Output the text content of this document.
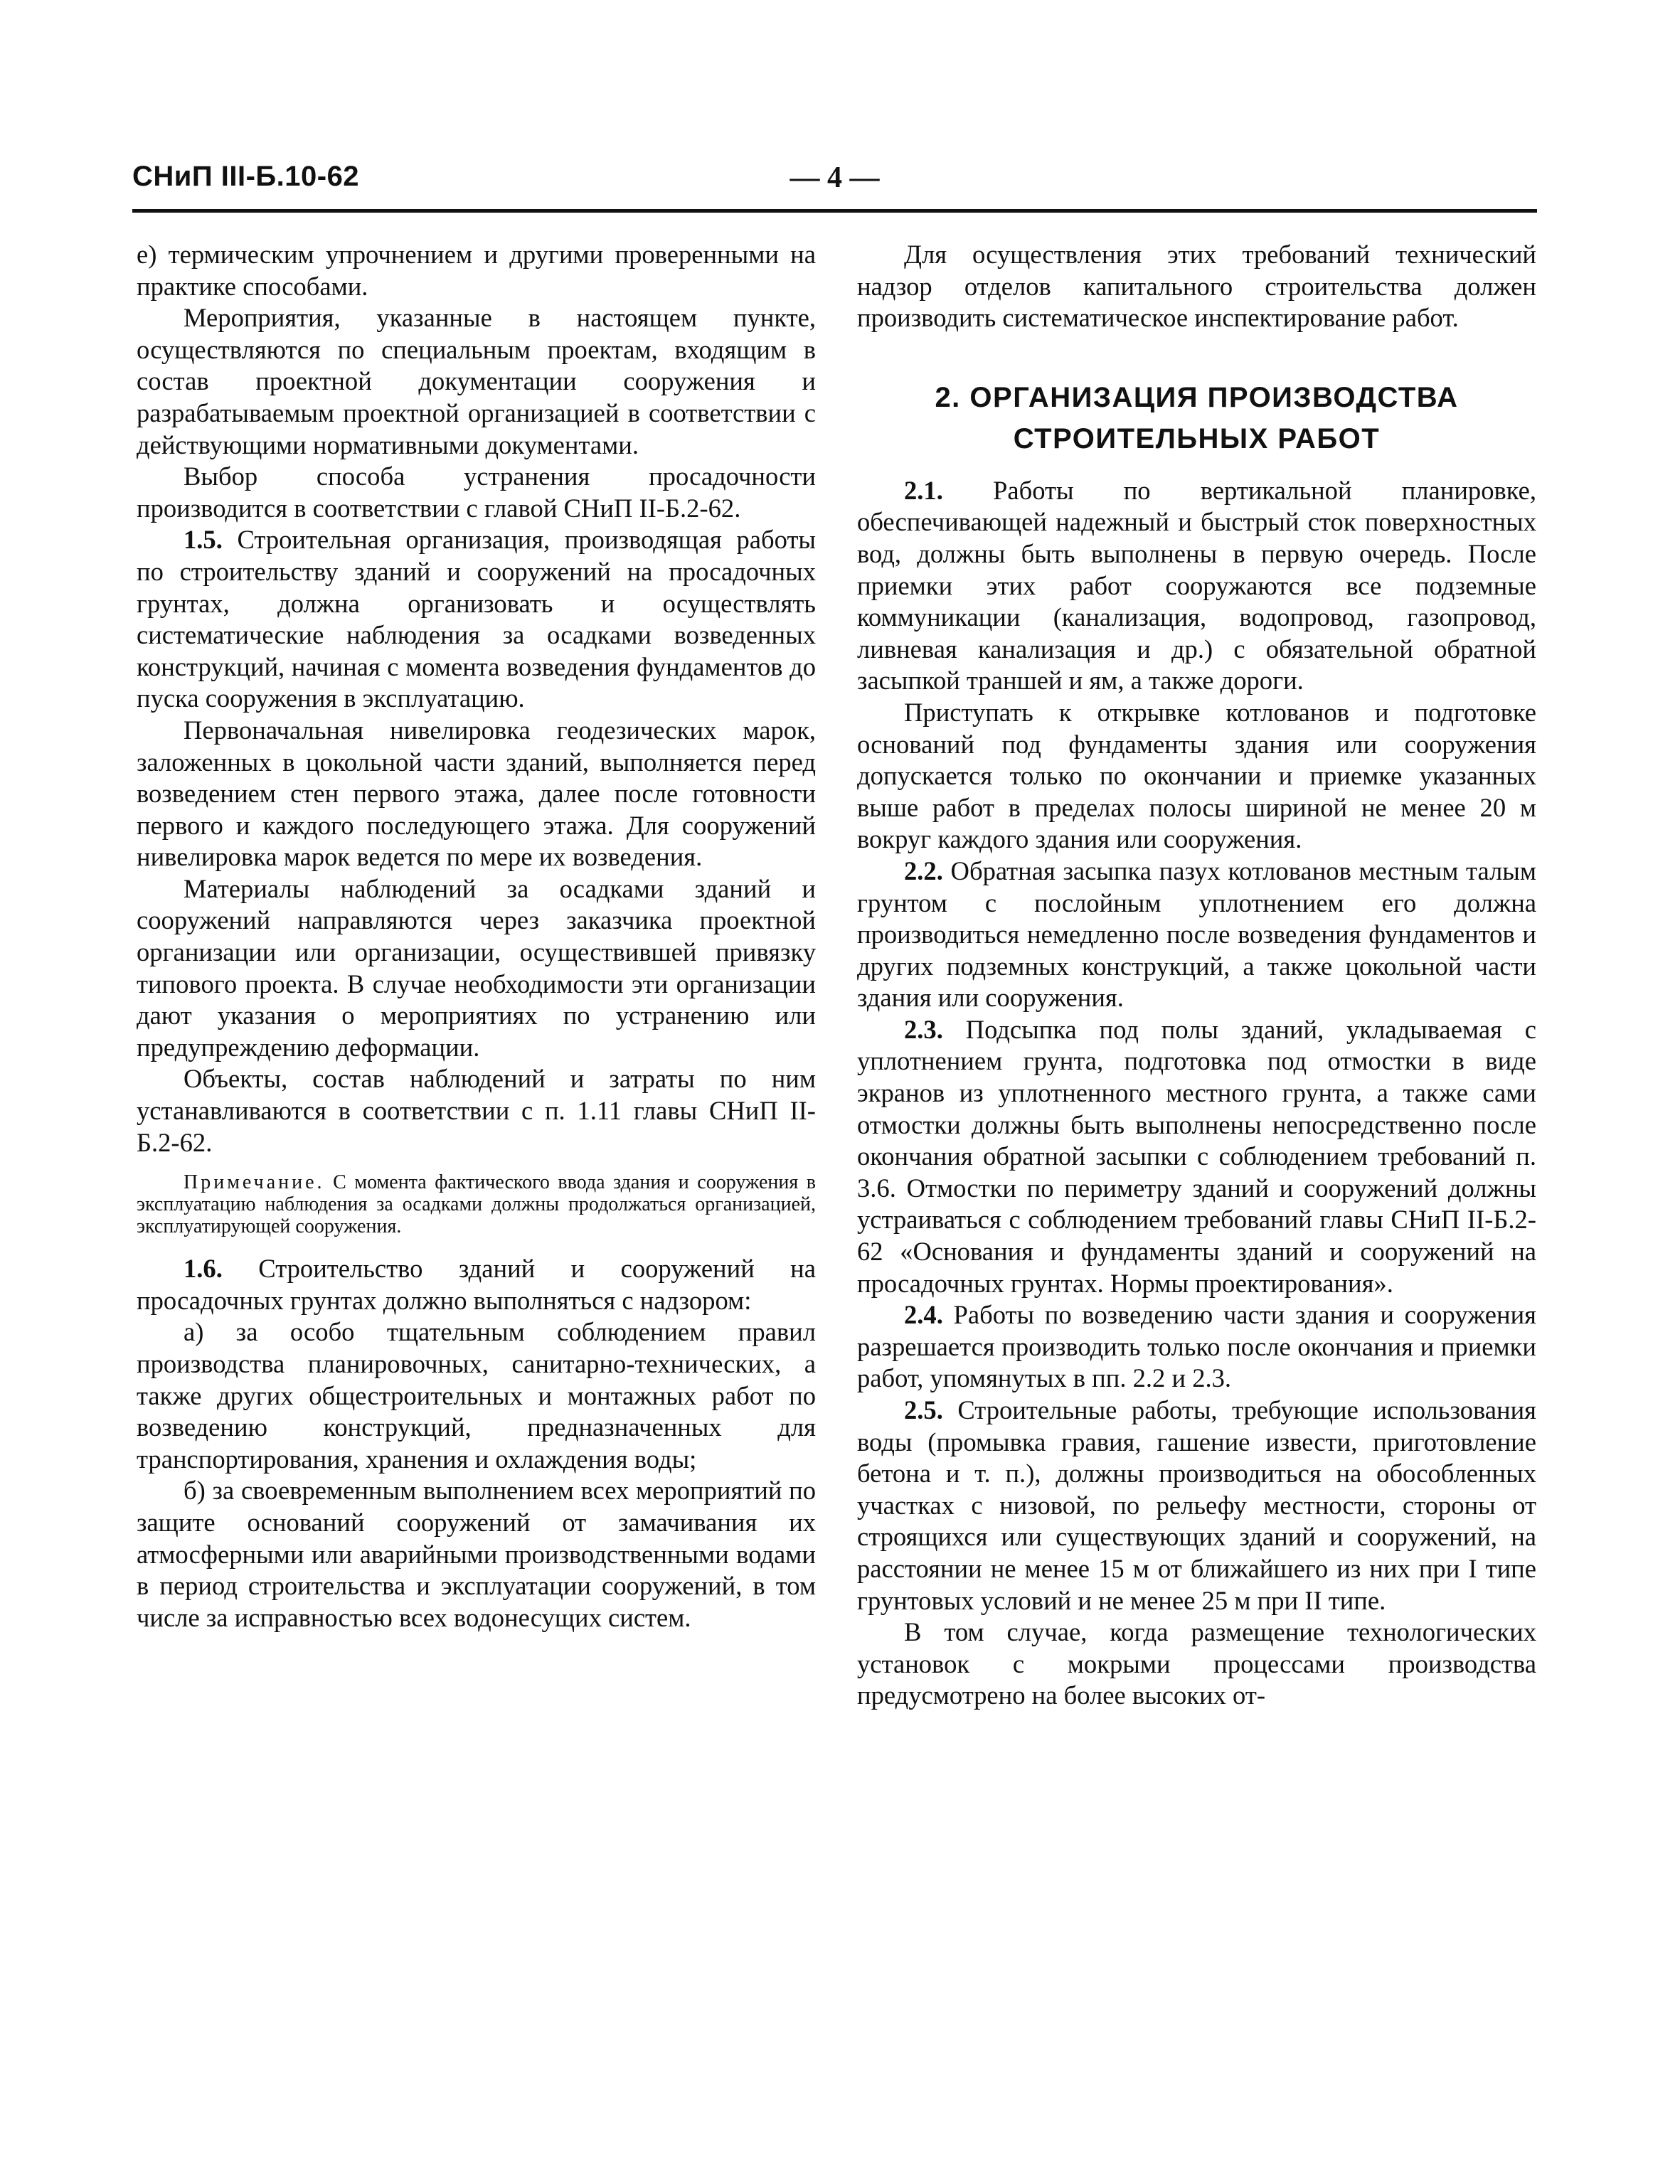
СНиП III-Б.10-62	— 4 —

е) термическим упрочнением и другими проверенными на практике способами.

Мероприятия, указанные в настоящем пункте, осуществляются по специальным проектам, входящим в состав проектной документации сооружения и разрабатываемым проектной организацией в соответствии с действующими нормативными документами.

Выбор способа устранения просадочности производится в соответствии с главой СНиП II-Б.2-62.

1.5. Строительная организация, производящая работы по строительству зданий и сооружений на просадочных грунтах, должна организовать и осуществлять систематические наблюдения за осадками возведенных конструкций, начиная с момента возведения фундаментов до пуска сооружения в эксплуатацию.

Первоначальная нивелировка геодезических марок, заложенных в цокольной части зданий, выполняется перед возведением стен первого этажа, далее после готовности первого и каждого последующего этажа. Для сооружений нивелировка марок ведется по мере их возведения.

Материалы наблюдений за осадками зданий и сооружений направляются через заказчика проектной организации или организации, осуществившей привязку типового проекта. В случае необходимости эти организации дают указания о мероприятиях по устранению или предупреждению деформации.

Объекты, состав наблюдений и затраты по ним устанавливаются в соответствии с п. 1.11 главы СНиП II-Б.2-62.

Примечание. С момента фактического ввода здания и сооружения в эксплуатацию наблюдения за осадками должны продолжаться организацией, эксплуатирующей сооружения.

1.6. Строительство зданий и сооружений на просадочных грунтах должно выполняться с надзором:

а) за особо тщательным соблюдением правил производства планировочных, санитарно-технических, а также других общестроительных и монтажных работ по возведению конструкций, предназначенных для транспортирования, хранения и охлаждения воды;

б) за своевременным выполнением всех мероприятий по защите оснований сооружений от замачивания их атмосферными или аварийными производственными водами в период строительства и эксплуатации сооружений, в том числе за исправностью всех водонесущих систем.

Для осуществления этих требований технический надзор отделов капитального строительства должен производить систематическое инспектирование работ.

2. ОРГАНИЗАЦИЯ ПРОИЗВОДСТВА
СТРОИТЕЛЬНЫХ РАБОТ

2.1. Работы по вертикальной планировке, обеспечивающей надежный и быстрый сток поверхностных вод, должны быть выполнены в первую очередь. После приемки этих работ сооружаются все подземные коммуникации (канализация, водопровод, газопровод, ливневая канализация и др.) с обязательной обратной засыпкой траншей и ям, а также дороги.

Приступать к открывке котлованов и подготовке оснований под фундаменты здания или сооружения допускается только по окончании и приемке указанных выше работ в пределах полосы шириной не менее 20 м вокруг каждого здания или сооружения.

2.2. Обратная засыпка пазух котлованов местным талым грунтом с послойным уплотнением его должна производиться немедленно после возведения фундаментов и других подземных конструкций, а также цокольной части здания или сооружения.

2.3. Подсыпка под полы зданий, укладываемая с уплотнением грунта, подготовка под отмостки в виде экранов из уплотненного местного грунта, а также сами отмостки должны быть выполнены непосредственно после окончания обратной засыпки с соблюдением требований п. 3.6. Отмостки по периметру зданий и сооружений должны устраиваться с соблюдением требований главы СНиП II-Б.2-62 «Основания и фундаменты зданий и сооружений на просадочных грунтах. Нормы проектирования».

2.4. Работы по возведению части здания и сооружения разрешается производить только после окончания и приемки работ, упомянутых в пп. 2.2 и 2.3.

2.5. Строительные работы, требующие использования воды (промывка гравия, гашение извести, приготовление бетона и т. п.), должны производиться на обособленных участках с низовой, по рельефу местности, стороны от строящихся или существующих зданий и сооружений, на расстоянии не менее 15 м от ближайшего из них при I типе грунтовых условий и не менее 25 м при II типе.

В том случае, когда размещение технологических установок с мокрыми процессами производства предусмотрено на более высоких от-
